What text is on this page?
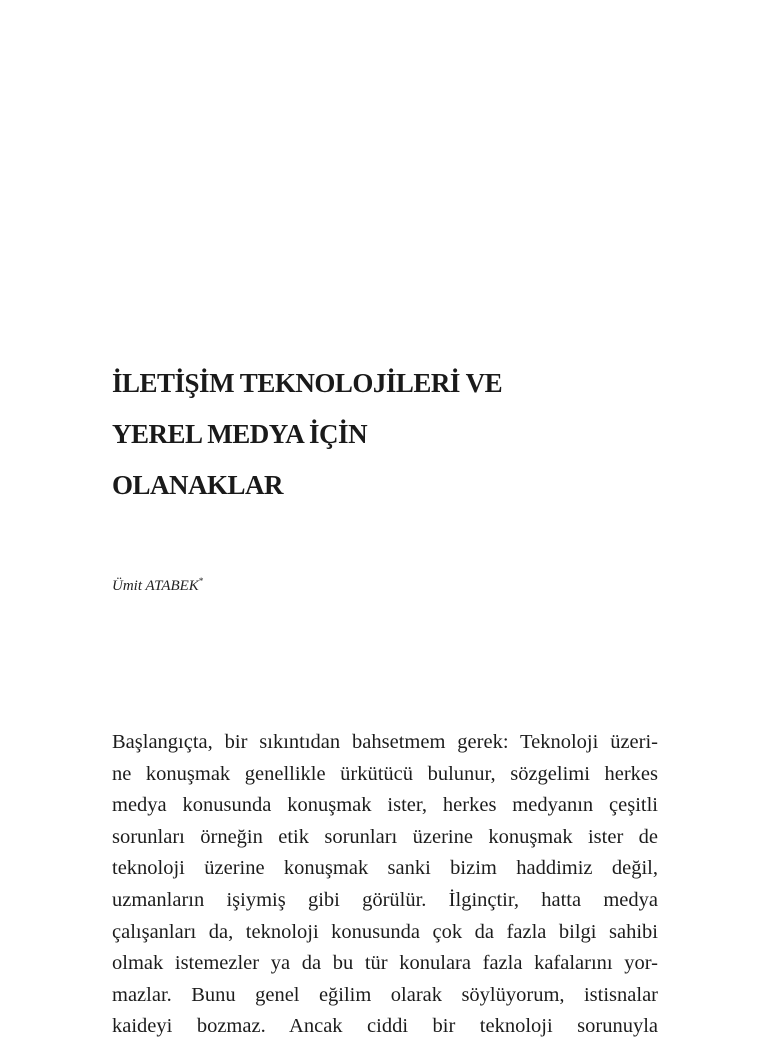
İLETİŞİM TEKNOLOJİLERİ VE
YEREL MEDYA İÇİN
OLANAKLAR
Ümit ATABEK*
Başlangıçta, bir sıkıntıdan bahsetmem gerek: Teknoloji üzeri-
ne konuşmak genellikle ürkütücü bulunur, sözgelimi herkes
medya konusunda konuşmak ister, herkes medyanın çeşitli
sorunları örneğin etik sorunları üzerine konuşmak ister de
teknoloji üzerine konuşmak sanki bizim haddimiz değil,
uzmanların işiymiş gibi görülür. İlginçtir, hatta medya
çalışanları da, teknoloji konusunda çok da fazla bilgi sahibi
olmak istemezler ya da bu tür konulara fazla kafalarını yor-
mazlar. Bunu genel eğilim olarak söylüyorum, istisnalar
kaideyi bozmaz. Ancak ciddi bir teknoloji sorunuyla
